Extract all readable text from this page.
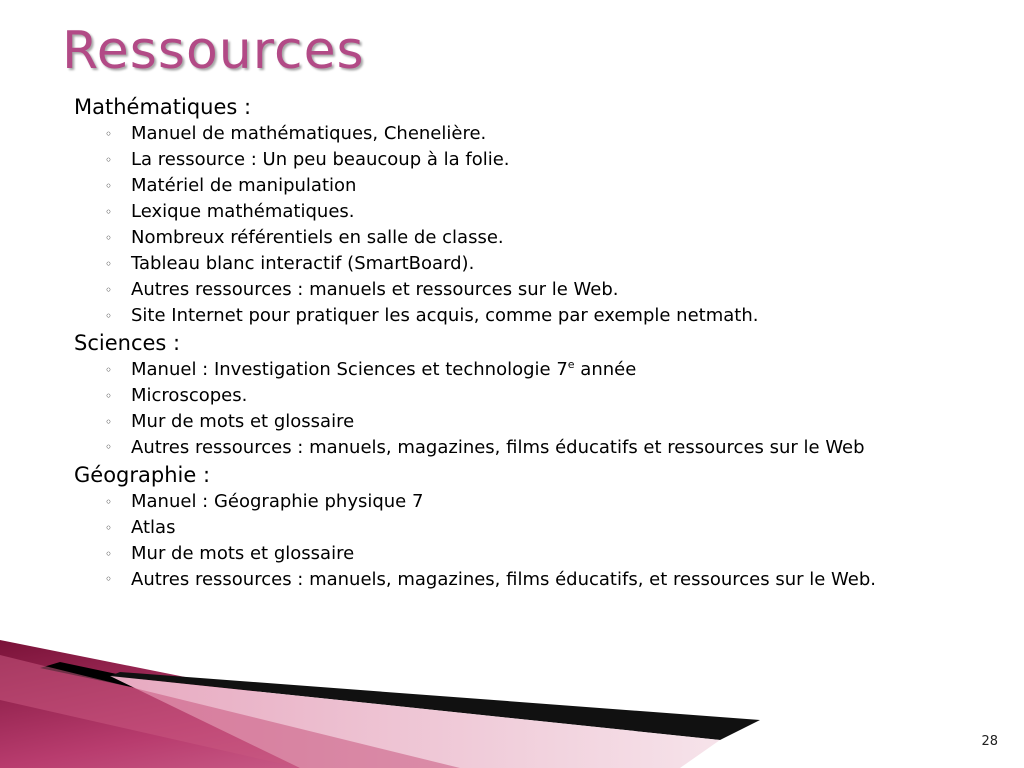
Ressources

Mathématiques :

◦ Manuel de mathématiques, Chenelière.
◦ La ressource : Un peu beaucoup à la folie.
◦ Matériel de manipulation
◦ Lexique mathématiques.
◦ Nombreux référentiels en salle de classe.
◦ Tableau blanc interactif (SmartBoard).
◦ Autres ressources : manuels et ressources sur le Web.
◦ Site Internet pour pratiquer les acquis, comme par exemple netmath.

Sciences :

◦ Manuel : Investigation Sciences et technologie 7e année
◦ Microscopes.
◦ Mur de mots et glossaire
◦ Autres ressources : manuels, magazines, films éducatifs et ressources sur le Web

Géographie :

◦ Manuel : Géographie physique 7
◦ Atlas
◦ Mur de mots et glossaire
◦ Autres ressources : manuels, magazines, films éducatifs, et ressources sur le Web.
28
